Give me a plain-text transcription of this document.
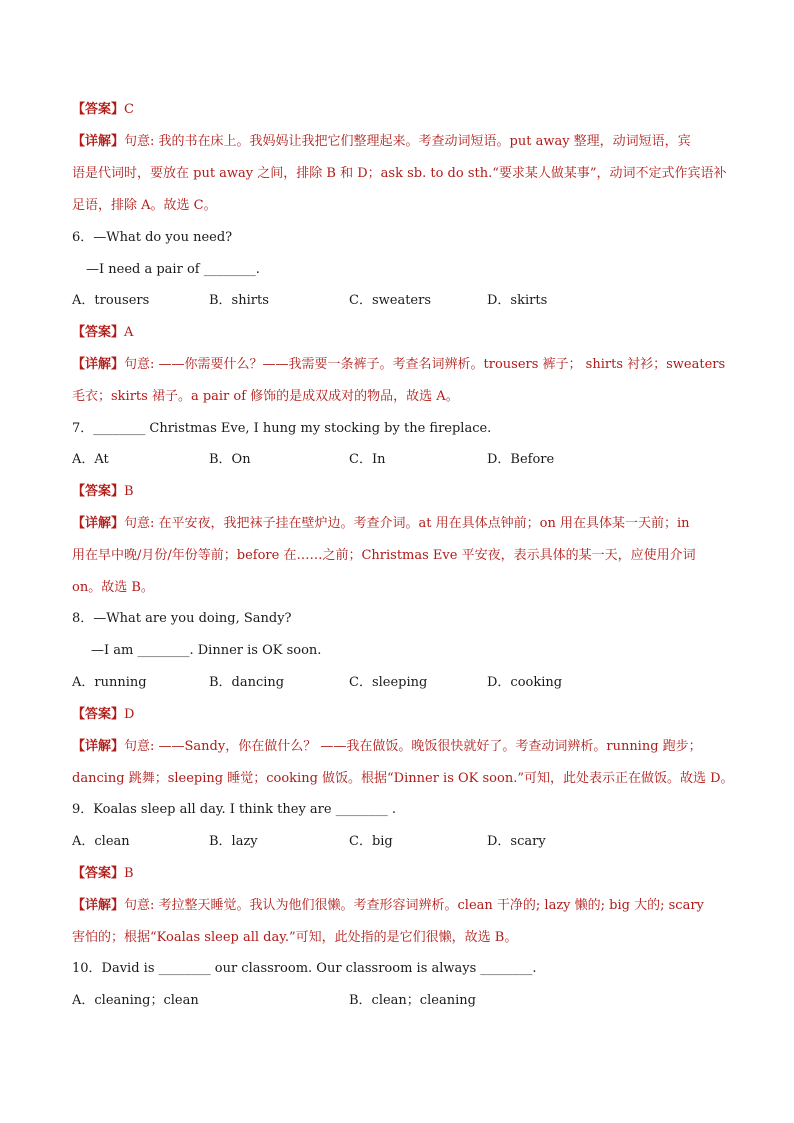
【答案】C
【详解】句意: 我的书在床上。我妈妈让我把它们整理起来。考查动词短语。put away 整理，动词短语，宾
语是代词时，要放在 put away 之间，排除 B 和 D；ask sb. to do sth.“要求某人做某事”，动词不定式作宾语补
足语，排除 A。故选 C。
6．—What do you need?
—I need a pair of ________.
A．trousers	B．shirts	C．sweaters	D．skirts
【答案】A
【详解】句意: ——你需要什么？——我需要一条裤子。考查名词辨析。trousers 裤子； shirts 衬衫；sweaters
毛衣；skirts 裙子。a pair of 修饰的是成双成对的物品，故选 A。
7．________ Christmas Eve, I hung my stocking by the fireplace.
A．At	B．On	C．In	D．Before
【答案】B
【详解】句意: 在平安夜，我把袜子挂在壁炉边。考查介词。at 用在具体点钟前；on 用在具体某一天前；in
用在早中晚/月份/年份等前；before 在……之前；Christmas Eve 平安夜，表示具体的某一天，应使用介词
on。故选 B。
8．—What are you doing, Sandy?
—I am ________. Dinner is OK soon.
A．running	B．dancing	C．sleeping	D．cooking
【答案】D
【详解】句意: ——Sandy，你在做什么？ ——我在做饭。晚饭很快就好了。考查动词辨析。running 跑步；
dancing 跳舞；sleeping 睡觉；cooking 做饭。根据“Dinner is OK soon.”可知，此处表示正在做饭。故选 D。
9．Koalas sleep all day. I think they are ________ .
A．clean	B．lazy	C．big	D．scary
【答案】B
【详解】句意: 考拉整天睡觉。我认为他们很懒。考查形容词辨析。clean 干净的; lazy 懒的; big 大的; scary
害怕的；根据“Koalas sleep all day.”可知，此处指的是它们很懒，故选 B。
10．David is ________ our classroom. Our classroom is always ________.
A．cleaning；clean	B．clean；cleaning
